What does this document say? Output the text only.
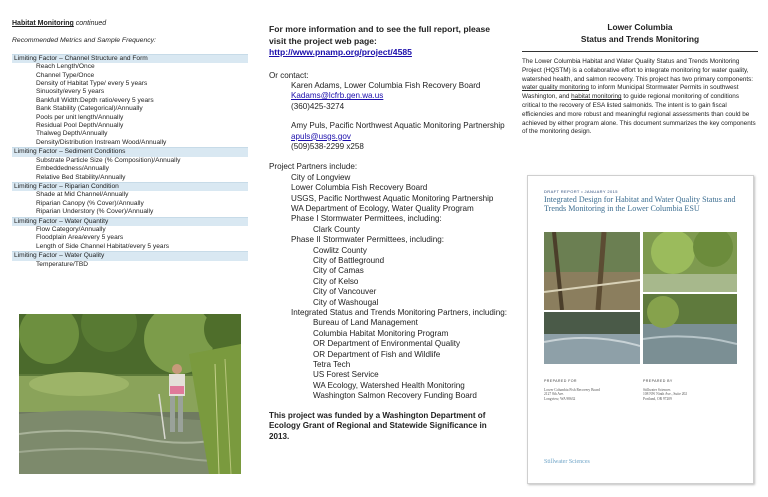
Habitat Monitoring continued
Recommended Metrics and Sample Frequency:
Limiting Factor – Channel Structure and Form
Reach Length/Once
Channel Type/Once
Density of Habitat Type/ every 5 years
Sinuosity/every 5 years
Bankfull Width:Depth ratio/every 5 years
Bank Stability (Categorical)/Annually
Pools per unit length/Annually
Residual Pool Depth/Annually
Thalweg Depth/Annually
Density/Distribution Instream Wood/Annually
Limiting Factor – Sediment Conditions
Substrate Particle Size (% Composition)/Annually
Embeddedness/Annually
Relative Bed Stability/Annually
Limiting Factor – Riparian Condition
Shade at Mid Channel/Annually
Riparian Canopy (% Cover)/Annually
Riparian Understory (% Cover)/Annually
Limiting Factor – Water Quantity
Flow Category/Annually
Floodplain Area/every 5 years
Length of Side Channel Habitat/every 5 years
Limiting Factor – Water Quality
Temperature/TBD
For more information and to see the full report, please visit the project web page:
http://www.pnamp.org/project/4585
Or contact:
Karen Adams, Lower Columbia Fish Recovery Board
Kadams@lcfrb.gen.wa.us
(360)425-3274
Amy Puls, Pacific Northwest Aquatic Monitoring Partnership
apuls@usgs.gov
(509)538-2299 x258
Project Partners include:
City of Longview
Lower Columbia Fish Recovery Board
USGS, Pacific Northwest Aquatic Monitoring Partnership
WA Department of Ecology, Water Quality Program
Phase I Stormwater Permittees, including:
Clark County
Phase II Stormwater Permittees, including:
Cowlitz County
City of Battleground
City of Camas
City of Kelso
City of Vancouver
City of Washougal
Integrated Status and Trends Monitoring Partners, including:
Bureau of Land Management
Columbia Habitat Monitoring Program
OR Department of Environmental Quality
OR Department of Fish and Wildlife
Tetra Tech
US Forest Service
WA Ecology, Watershed Health Monitoring
Washington Salmon Recovery Funding Board
This project was funded by a Washington Department of Ecology Grant of Regional and Statewide Significance in 2013.
Lower Columbia
Status and Trends Monitoring
The Lower Columbia Habitat and Water Quality Status and Trends Monitoring Project (HQSTM) is a collaborative effort to integrate monitoring for water quality, watershed health, and salmon recovery. This project has two primary components: water quality monitoring to inform Municipal Stormwater Permits in southwest Washington, and habitat monitoring to guide regional monitoring of conditions critical to the recovery of ESA listed salmonids. The intent is to gain fiscal efficiencies and more robust and meaningful regional assessments than could be achieved by either program alone. This document summarizes the key components of the monitoring design.
DRAFT REPORT • JANUARY 2015
Integrated Design for Habitat and Water Quality Status and Trends Monitoring in the Lower Columbia ESU
PREPARED FOR
Lower Columbia Fish Recovery Board
2127 8th Ave.
Longview, WA 98632
PREPARED BY
Stillwater Sciences
108 NW Ninth Ave., Suite 202
Portland, OR 97209
Stillwater Sciences
